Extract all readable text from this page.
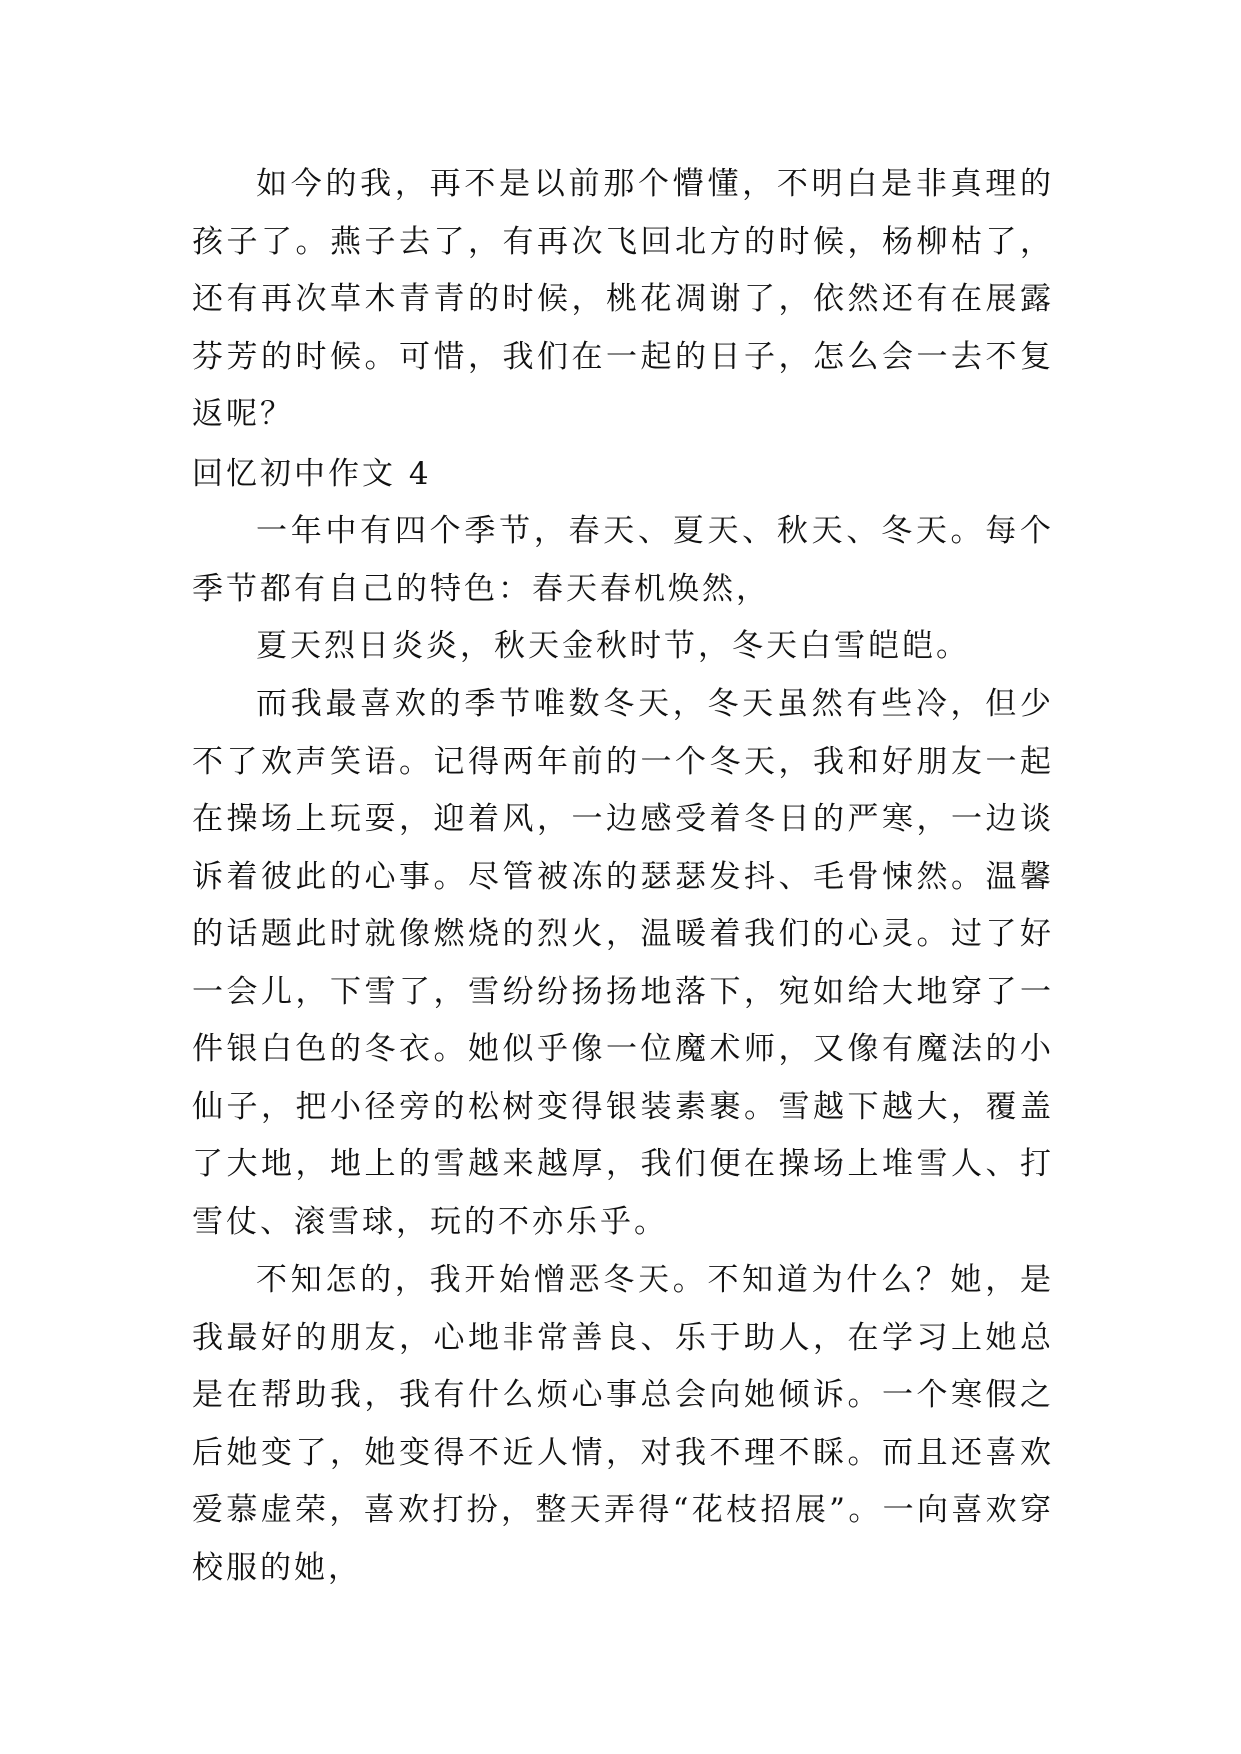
如今的我，再不是以前那个懵懂，不明白是非真理的孩子了。燕子去了，有再次飞回北方的时候，杨柳枯了，还有再次草木青青的时候，桃花凋谢了，依然还有在展露芬芳的时候。可惜，我们在一起的日子，怎么会一去不复返呢？

回忆初中作文 4

一年中有四个季节，春天、夏天、秋天、冬天。每个季节都有自己的特色：春天春机焕然，

夏天烈日炎炎，秋天金秋时节，冬天白雪皑皑。

而我最喜欢的季节唯数冬天，冬天虽然有些冷，但少不了欢声笑语。记得两年前的一个冬天，我和好朋友一起在操场上玩耍，迎着风，一边感受着冬日的严寒，一边谈诉着彼此的心事。尽管被冻的瑟瑟发抖、毛骨悚然。温馨的话题此时就像燃烧的烈火，温暖着我们的心灵。过了好一会儿，下雪了，雪纷纷扬扬地落下，宛如给大地穿了一件银白色的冬衣。她似乎像一位魔术师，又像有魔法的小仙子，把小径旁的松树变得银装素裹。雪越下越大，覆盖了大地，地上的雪越来越厚，我们便在操场上堆雪人、打雪仗、滚雪球，玩的不亦乐乎。

不知怎的，我开始憎恶冬天。不知道为什么？她，是我最好的朋友，心地非常善良、乐于助人，在学习上她总是在帮助我，我有什么烦心事总会向她倾诉。一个寒假之后她变了，她变得不近人情，对我不理不睬。而且还喜欢爱慕虚荣，喜欢打扮，整天弄得“花枝招展”。一向喜欢穿校服的她，
